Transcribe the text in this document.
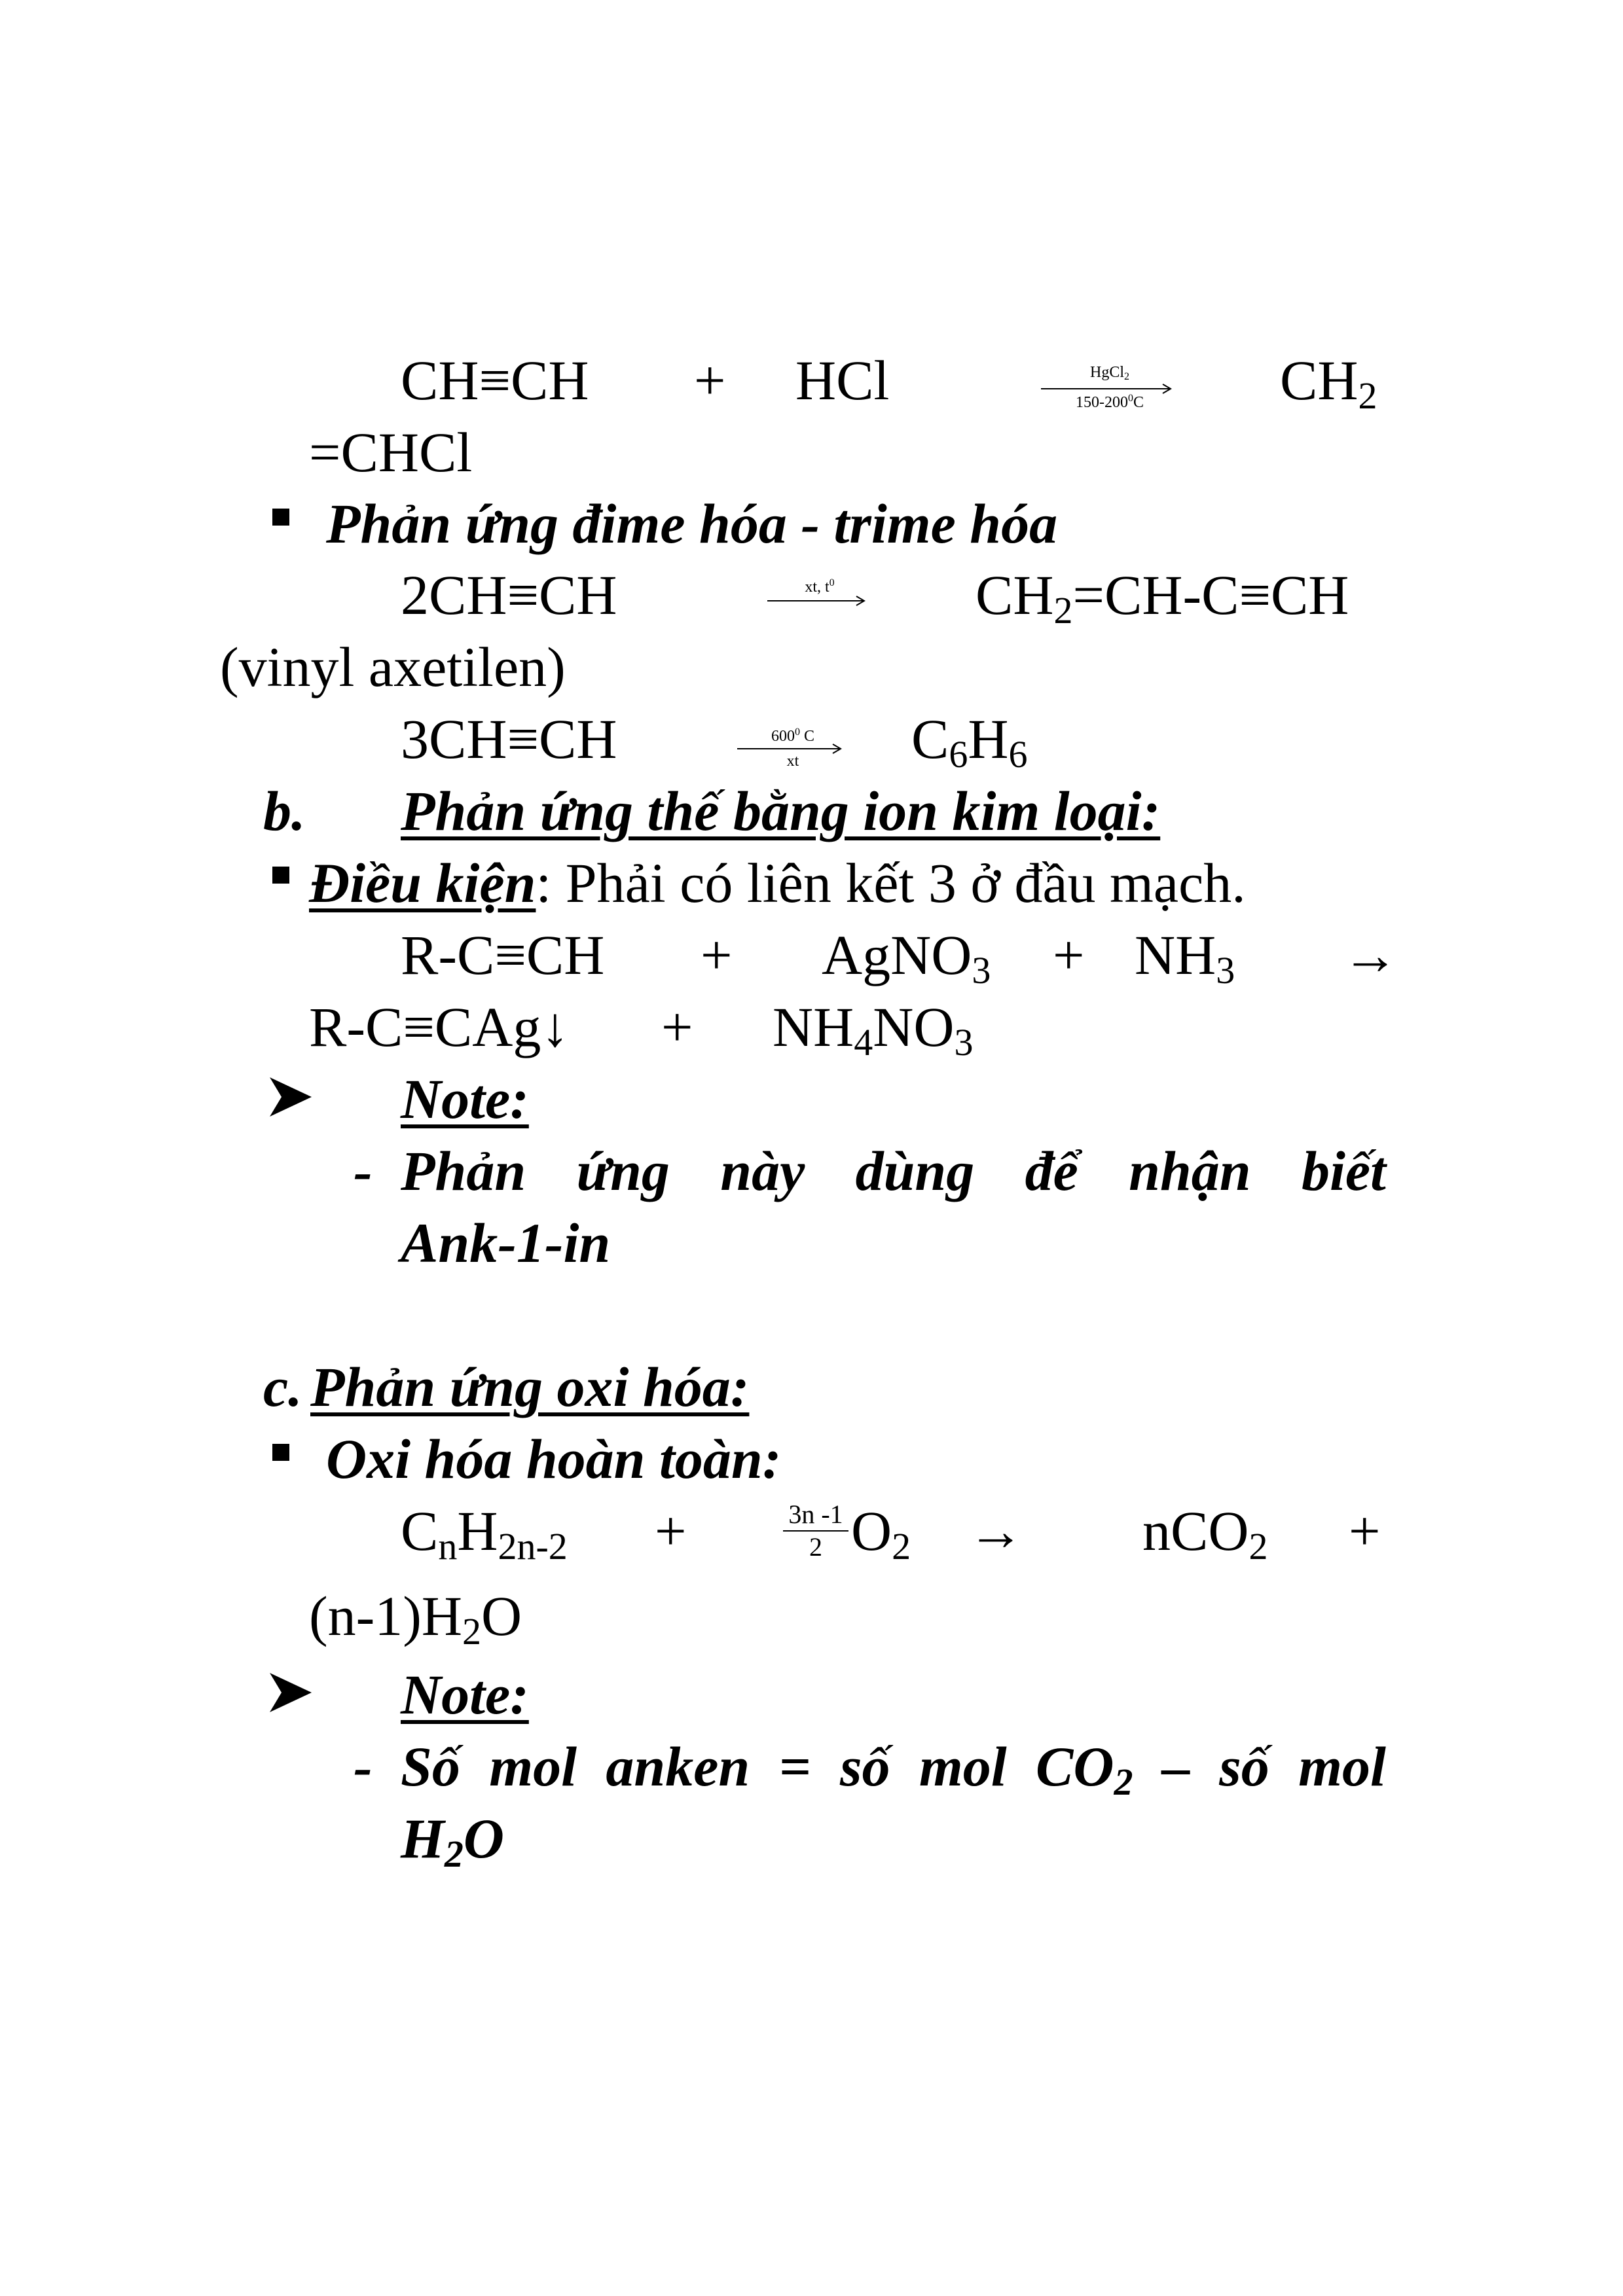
CH≡CH + HCl	HgCl$_2$
$150-200^0C$ $CH_2$
=CHCl
Phản ứng đime hóa - trime hóa
2CH≡CH	xt, $t^0$	$CH_2=CH-C\equiv CH$
(vinyl axetilen)
3CH≡CH	$600^0$ C
xt $C_6H_6$
b. Phản ứng thế bằng ion kim loại:
Điều kiện: Phải có liên kết 3 ở đầu mạch.
R-C≡CH + AgNO$_3$ + $NH_3$ →
R-C≡CAg↓ + $NH_4NO_3$
Note:
- Phản ứng này dùng để nhận biết
Ank-1-in
c. Phản ứng oxi hóa:
Oxi hóa hoàn toàn:
$C_nH_{2n-2}$ +	3n -1
2 $O_2 \to nCO_2$ +
$(n-1)H_2O$
Note:
- Số mol anken = số mol $CO_2$ – số mol
$H_2O$
